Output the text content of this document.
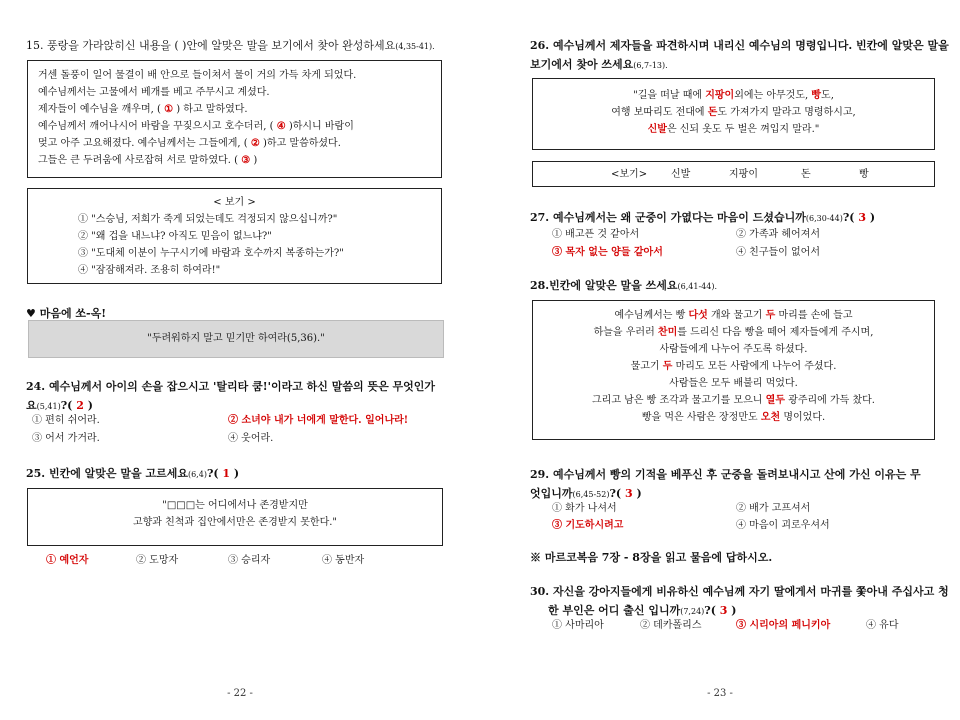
15. 풍랑을 가라앉히신 내용을 ( )안에 알맞은 말을 보기에서 찾아 완성하세요(4,35-41).
거센 돌풍이 일어 물결이 배 안으로 들이쳐서 물이 거의 가득 차게 되었다.
예수님께서는 고물에서 베개를 베고 주무시고 계셨다.
제자들이 예수님을 깨우며, ( ① ) 하고 말하였다.
예수님께서 깨어나시어 바람을 꾸짖으시고 호수더러, ( ④ )하시니 바람이
멎고 아주 고요해졌다. 예수님께서는 그들에게, ( ② )하고 말씀하셨다.
그들은 큰 두려움에 사로잡혀 서로 말하였다. ( ③ )
< 보기 >
① "스승님, 저희가 죽게 되었는데도 걱정되지 않으십니까?"
② "왜 겁을 내느냐? 아직도 믿음이 없느냐?"
③ "도대체 이분이 누구시기에 바람과 호수까지 복종하는가?"
④ "잠잠해져라. 조용히 하여라!"
♥ 마음에 쏘-옥!
"두려워하지 말고 믿기만 하여라(5,36)."
24. 예수님께서 아이의 손을 잡으시고 '탈리타 쿰!'이라고 하신 말씀의 뜻은 무엇인가
요(5,41)?( 2 )
① 편히 쉬어라.	② 소녀야 내가 너에게 말한다. 일어나라!
③ 어서 가거라.	④ 웃어라.
25. 빈칸에 알맞은 말을 고르세요(6,4)?( 1 )
"□□□는 어디에서나 존경받지만
고향과 친척과 집안에서만은 존경받지 못한다."
① 예언자	② 도망자	③ 승리자	④ 동반자
- 22 -
26. 예수님께서 제자들을 파견하시며 내리신 예수님의 명령입니다. 빈칸에 알맞은 말을
보기에서 찾아 쓰세요(6,7-13).
"길을 떠날 때에 지팡이외에는 아무것도, 빵도,
여행 보따리도 전대에 돈도 가져가지 말라고 명령하시고,
신발은 신되 옷도 두 벌은 껴입지 말라."
<보기> 신발	지팡이	돈	빵
27. 예수님께서는 왜 군중이 가엾다는 마음이 드셨습니까(6,30-44)?( 3 )
① 배고픈 것 같아서	② 가족과 헤어져서
③ 목자 없는 양들 같아서	④ 친구들이 없어서
28.빈칸에 알맞은 말을 쓰세요(6,41-44).
예수님께서는 빵 다섯 개와 물고기 두 마리를 손에 들고
하늘을 우러러 찬미를 드리신 다음 빵을 떼어 제자들에게 주시며,
사람들에게 나누어 주도록 하셨다.
물고기 두 마리도 모든 사람에게 나누어 주셨다.
사람들은 모두 배불리 먹었다.
그리고 남은 빵 조각과 물고기를 모으니 열두 광주리에 가득 찼다.
빵을 먹은 사람은 장정만도 오천 명이었다.
29. 예수님께서 빵의 기적을 베푸신 후 군중을 돌려보내시고 산에 가신 이유는 무
엇입니까(6,45-52)?( 3 )
① 화가 나셔서	② 배가 고프셔서
③ 기도하시려고	④ 마음이 괴로우셔서
※ 마르코복음 7장 - 8장을 읽고 물음에 답하시오.
30. 자신을 강아지들에게 비유하신 예수님께 자기 딸에게서 마귀를 쫓아내 주십사고 청
한 부인은 어디 출신 입니까(7,24)?( 3 )
① 사마리아	② 데카폴리스	③ 시리아의 페니키아	④ 유다
- 23 -
